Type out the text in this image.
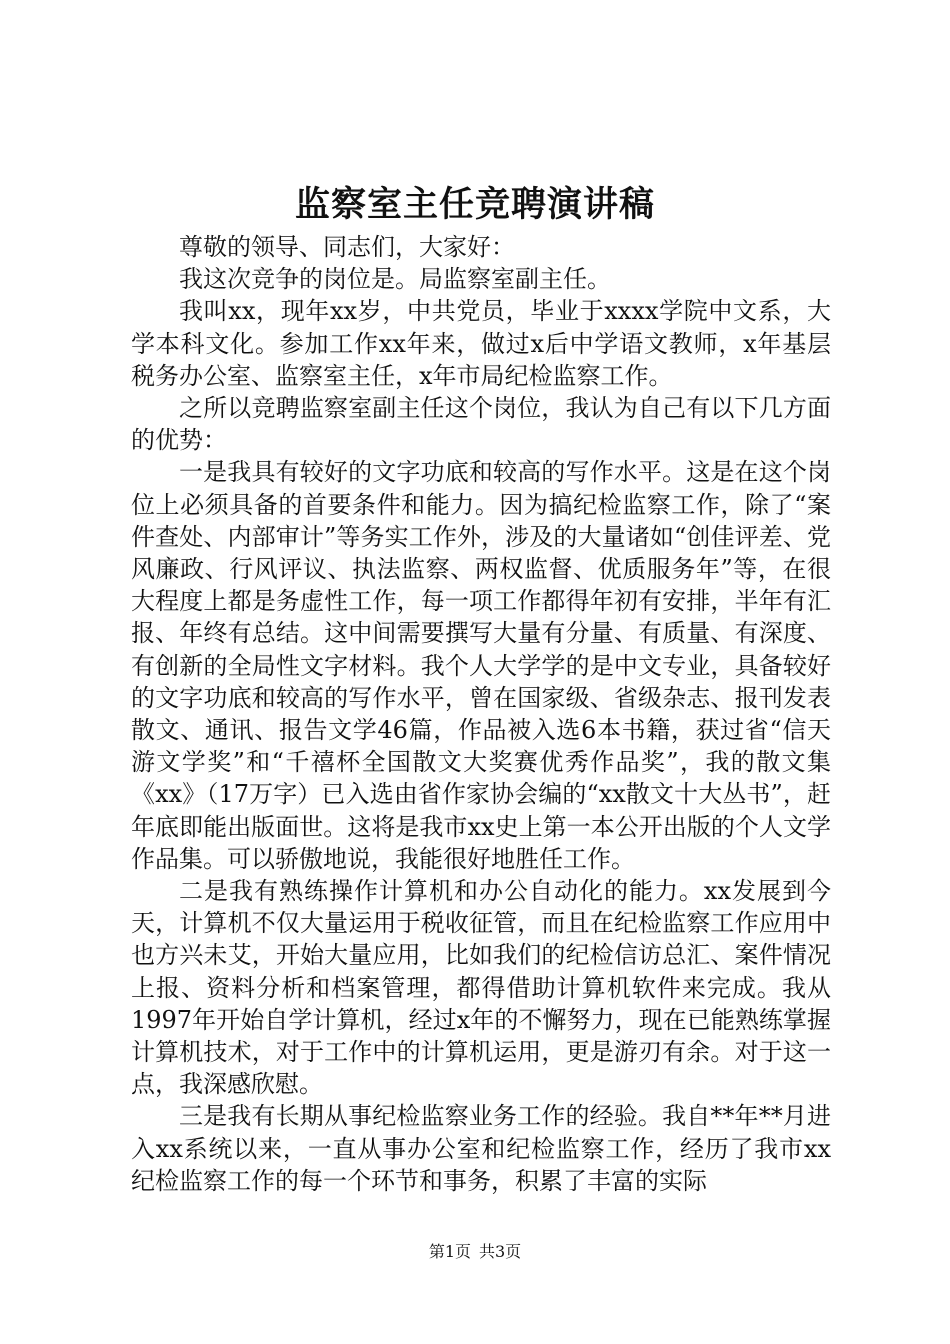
监察室主任竞聘演讲稿

尊敬的领导、同志们，大家好：

我这次竞争的岗位是。局监察室副主任。

我叫xx，现年xx岁，中共党员，毕业于xxxx学院中文系，大学本科文化。参加工作xx年来，做过x后中学语文教师，x年基层税务办公室、监察室主任，x年市局纪检监察工作。

之所以竞聘监察室副主任这个岗位，我认为自己有以下几方面的优势：

一是我具有较好的文字功底和较高的写作水平。这是在这个岗位上必须具备的首要条件和能力。因为搞纪检监察工作，除了“案件查处、内部审计”等务实工作外，涉及的大量诸如“创佳评差、党风廉政、行风评议、执法监察、两权监督、优质服务年”等，在很大程度上都是务虚性工作，每一项工作都得年初有安排，半年有汇报、年终有总结。这中间需要撰写大量有分量、有质量、有深度、有创新的全局性文字材料。我个人大学学的是中文专业，具备较好的文字功底和较高的写作水平，曾在国家级、省级杂志、报刊发表散文、通讯、报告文学46篇，作品被入选6本书籍，获过省“信天游文学奖”和“千禧杯全国散文大奖赛优秀作品奖”，我的散文集《xx》（17万字）已入选由省作家协会编的“xx散文十大丛书”，赶年底即能出版面世。这将是我市xx史上第一本公开出版的个人文学作品集。可以骄傲地说，我能很好地胜任工作。

二是我有熟练操作计算机和办公自动化的能力。xx发展到今天，计算机不仅大量运用于税收征管，而且在纪检监察工作应用中也方兴未艾，开始大量应用，比如我们的纪检信访总汇、案件情况上报、资料分析和档案管理，都得借助计算机软件来完成。我从1997年开始自学计算机，经过x年的不懈努力，现在已能熟练掌握计算机技术，对于工作中的计算机运用，更是游刃有余。对于这一点，我深感欣慰。

三是我有长期从事纪检监察业务工作的经验。我自**年**月进入xx系统以来，一直从事办公室和纪检监察工作，经历了我市xx纪检监察工作的每一个环节和事务，积累了丰富的实际

第1页 共3页
